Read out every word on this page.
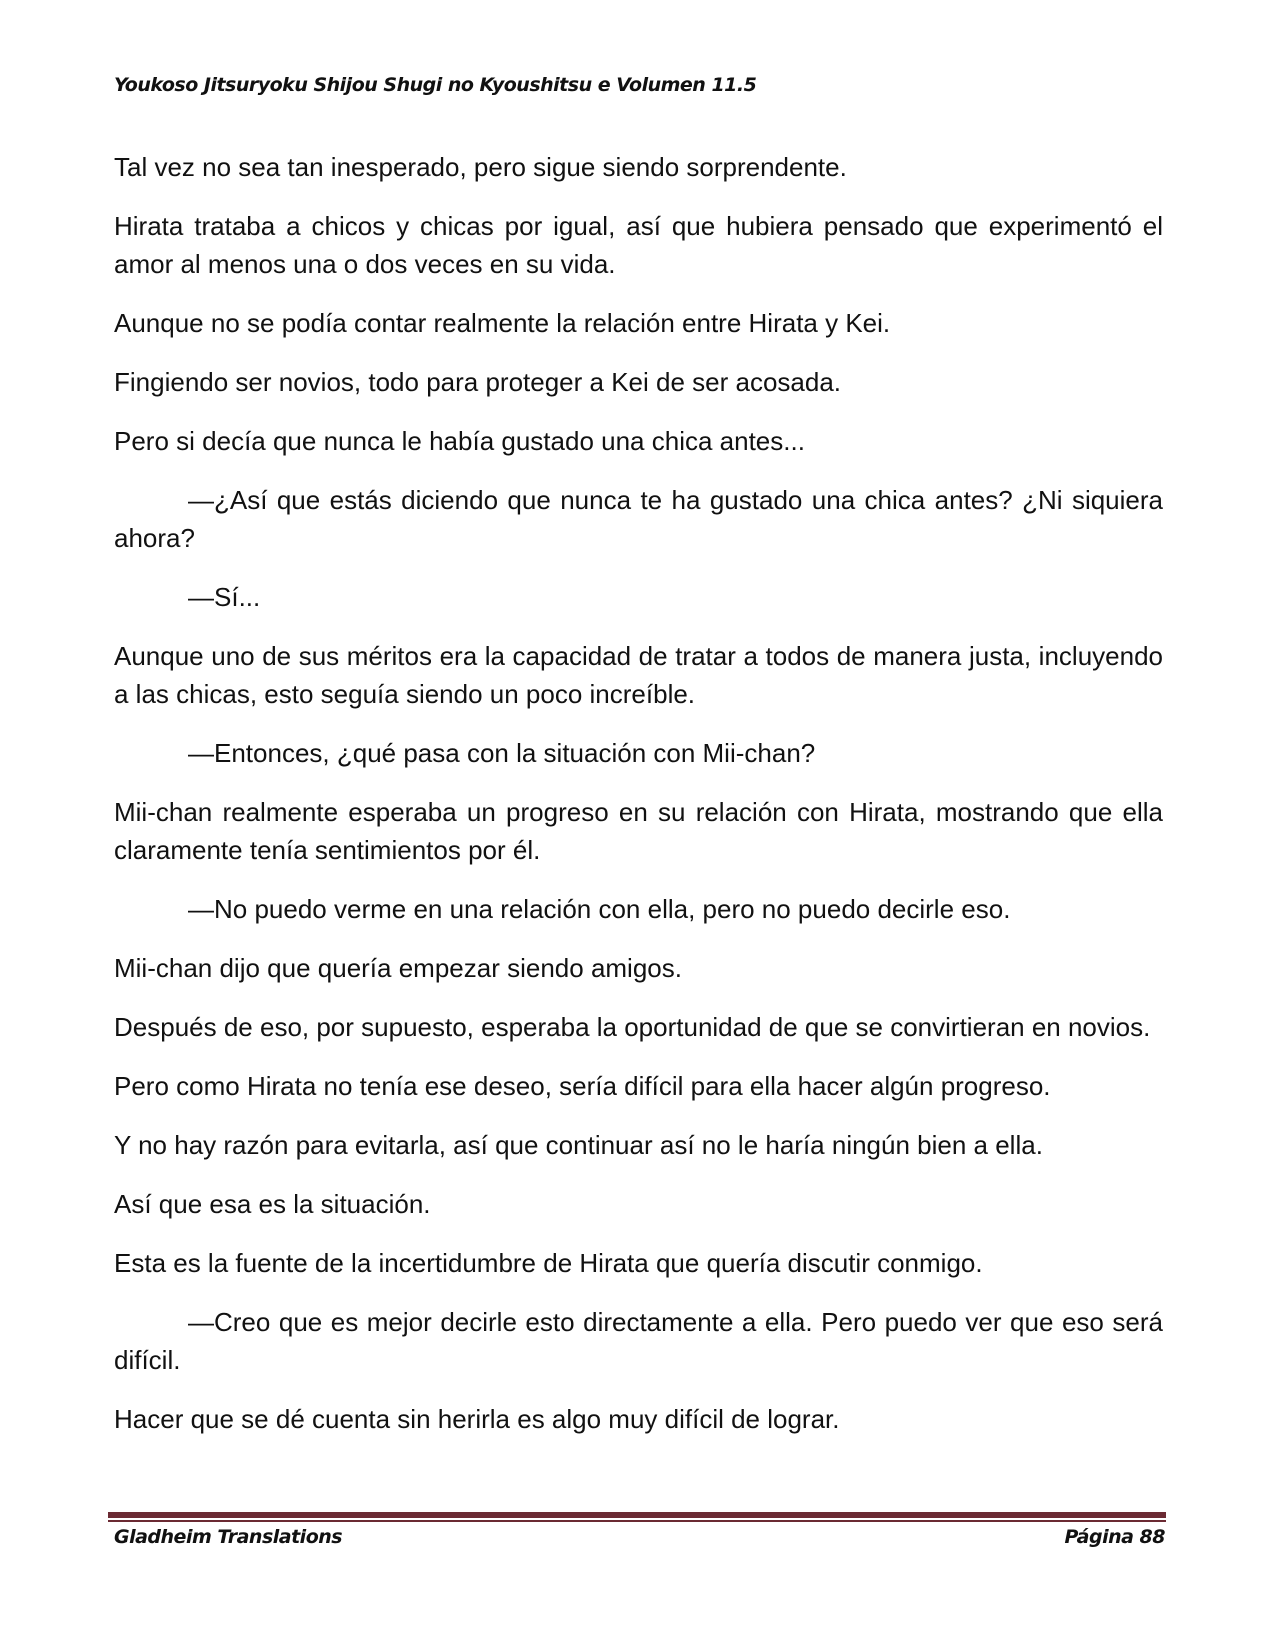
Youkoso Jitsuryoku Shijou Shugi no Kyoushitsu e Volumen 11.5

Tal vez no sea tan inesperado, pero sigue siendo sorprendente.

Hirata trataba a chicos y chicas por igual, así que hubiera pensado que experimentó el amor al menos una o dos veces en su vida.

Aunque no se podía contar realmente la relación entre Hirata y Kei.

Fingiendo ser novios, todo para proteger a Kei de ser acosada.

Pero si decía que nunca le había gustado una chica antes...

—¿Así que estás diciendo que nunca te ha gustado una chica antes? ¿Ni siquiera ahora?

—Sí...

Aunque uno de sus méritos era la capacidad de tratar a todos de manera justa, incluyendo a las chicas, esto seguía siendo un poco increíble.

—Entonces, ¿qué pasa con la situación con Mii-chan?

Mii-chan realmente esperaba un progreso en su relación con Hirata, mostrando que ella claramente tenía sentimientos por él.

—No puedo verme en una relación con ella, pero no puedo decirle eso.

Mii-chan dijo que quería empezar siendo amigos.

Después de eso, por supuesto, esperaba la oportunidad de que se convirtieran en novios.

Pero como Hirata no tenía ese deseo, sería difícil para ella hacer algún progreso.

Y no hay razón para evitarla, así que continuar así no le haría ningún bien a ella.

Así que esa es la situación.

Esta es la fuente de la incertidumbre de Hirata que quería discutir conmigo.

—Creo que es mejor decirle esto directamente a ella. Pero puedo ver que eso será difícil.

Hacer que se dé cuenta sin herirla es algo muy difícil de lograr.

Gladheim Translations	Página 88
